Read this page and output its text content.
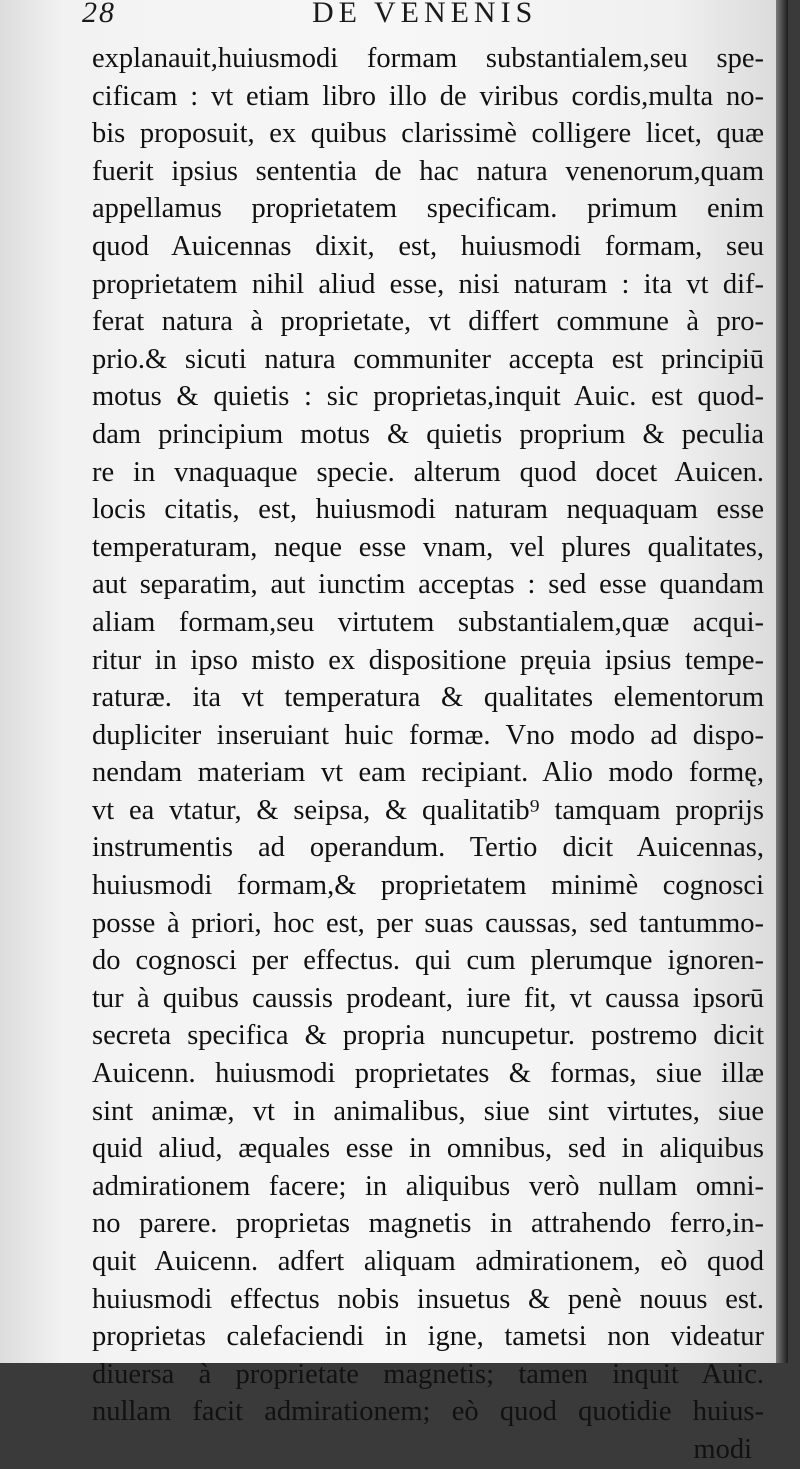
28	DE VENENIS
explanauit,huiusmodi formam substantialem,seu spe-
cificam : vt etiam libro illo de viribus cordis,multa no-
bis proposuit, ex quibus clarissimè colligere licet, quæ
fuerit ipsius sententia de hac natura venenorum,quam
appellamus proprietatem specificam. primum enim
quod Auicennas dixit, est, huiusmodi formam, seu
proprietatem nihil aliud esse, nisi naturam : ita vt dif-
ferat natura à proprietate, vt differt commune à pro-
prio.& sicuti natura communiter accepta est principiū
motus & quietis : sic proprietas,inquit Auic. est quod-
dam principium motus & quietis proprium & peculia
re in vnaquaque specie. alterum quod docet Auicen.
locis citatis, est, huiusmodi naturam nequaquam esse
temperaturam, neque esse vnam, vel plures qualitates,
aut separatim, aut iunctim acceptas : sed esse quandam
aliam formam,seu virtutem substantialem,quæ acqui-
ritur in ipso misto ex dispositione pręuia ipsius tempe-
raturæ. ita vt temperatura & qualitates elementorum
dupliciter inseruiant huic formæ. Vno modo ad dispo-
nendam materiam vt eam recipiant. Alio modo formę,
vt ea vtatur, & seipsa, & qualitatib⁹ tamquam proprijs
instrumentis ad operandum. Tertio dicit Auicennas,
huiusmodi formam,& proprietatem minimè cognosci
posse à priori, hoc est, per suas caussas, sed tantummo-
do cognosci per effectus. qui cum plerumque ignoren-
tur à quibus caussis prodeant, iure fit, vt caussa ipsorū
secreta specifica & propria nuncupetur. postremo dicit
Auicenn. huiusmodi proprietates & formas, siue illæ
sint animæ, vt in animalibus, siue sint virtutes, siue
quid aliud, æquales esse in omnibus, sed in aliquibus
admirationem facere; in aliquibus verò nullam omni-
no parere. proprietas magnetis in attrahendo ferro,in-
quit Auicenn. adfert aliquam admirationem, eò quod
huiusmodi effectus nobis insuetus & penè nouus est.
proprietas calefaciendi in igne, tametsi non videatur
diuersa à proprietate magnetis; tamen inquit Auic.
nullam facit admirationem; eò quod quotidie huius-
modi
